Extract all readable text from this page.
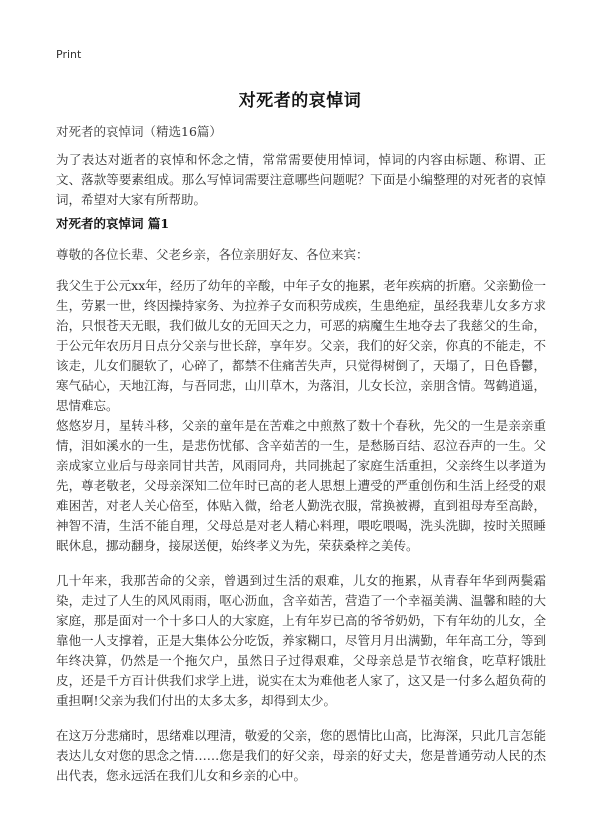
Print
对死者的哀悼词
对死者的哀悼词（精选16篇）
为了表达对逝者的哀悼和怀念之情，常常需要使用悼词，悼词的内容由标题、称谓、正文、落款等要素组成。那么写悼词需要注意哪些问题呢？下面是小编整理的对死者的哀悼词，希望对大家有所帮助。
对死者的哀悼词 篇1
尊敬的各位长辈、父老乡亲，各位亲朋好友、各位来宾：
我父生于公元xx年，经历了幼年的辛酸，中年子女的拖累，老年疾病的折磨。父亲勤俭一生，劳累一世，终因操持家务、为拉养子女而积劳成疾，生患绝症，虽经我辈儿女多方求治，只恨苍天无眼，我们做儿女的无回天之力，可恶的病魔生生地夺去了我慈父的生命，于公元年农历月日点分父亲与世长辞，享年岁。父亲，我们的好父亲，你真的不能走，不该走，儿女们腿软了，心碎了，都禁不住痛苦失声，只觉得树倒了，天塌了，日色昏鬱，寒气砧心，天地江海，与吾同悲，山川草木，为落泪，儿女长泣，亲朋含情。驾鹤逍遥，思情难忘。
悠悠岁月，星转斗移，父亲的童年是在苦难之中煎熬了数十个春秋，先父的一生是亲亲重情，泪如溪水的一生，是悲伤忧郁、含辛茹苦的一生，是愁肠百结、忍泣吞声的一生。父亲成家立业后与母亲同甘共苦，风雨同舟，共同挑起了家庭生活重担，父亲终生以孝道为先，尊老敬老，父母亲深知二位年时已高的老人思想上遭受的严重创伤和生活上经受的艰难困苦，对老人关心倍至，体贴入微，给老人勤洗衣服，常换被褥，直到祖母寿至高龄，神智不清，生活不能自理，父母总是对老人精心料理，喂吃喂喝，洗头洗脚，按时关照睡眠休息，挪动翻身，接尿送便，始终孝义为先，荣获桑梓之美传。
几十年来，我那苦命的父亲，曾遇到过生活的艰难，儿女的拖累，从青春年华到两鬓霜染，走过了人生的风风雨雨，呕心沥血，含辛茹苦，营造了一个幸福美满、温馨和睦的大家庭，那是面对一个十多口人的大家庭，上有年岁已高的爷爷奶奶，下有年幼的儿女，全靠他一人支撑着，正是大集体公分吃饭，养家糊口，尽管月月出满勤，年年高工分，等到年终决算，仍然是一个拖欠户，虽然日子过得艰难，父母亲总是节衣缩食，吃草籽饿肚皮，还是千方百计供我们求学上进，说实在太为难他老人家了，这又是一付多么超负荷的重担啊!父亲为我们付出的太多太多，却得到太少。
在这万分悲痛时，思绪难以理清，敬爱的父亲，您的恩情比山高，比海深，只此几言怎能表达儿女对您的思念之情……您是我们的好父亲，母亲的好丈夫，您是普通劳动人民的杰出代表，您永远活在我们儿女和乡亲的心中。
